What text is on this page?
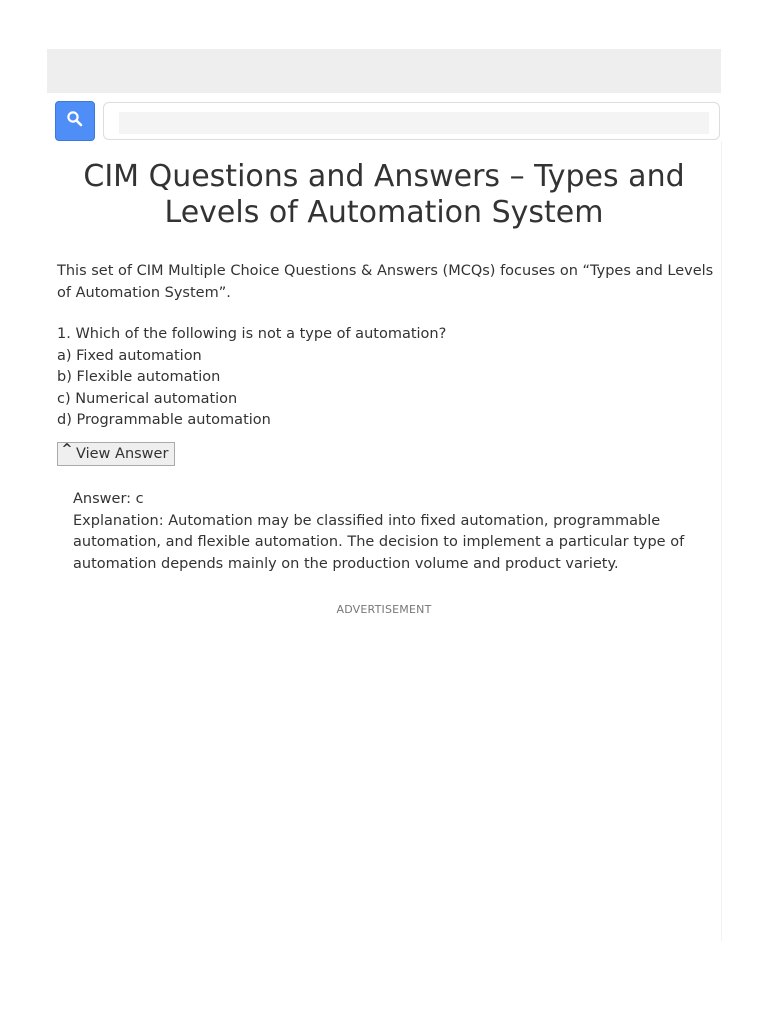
CIM Questions and Answers – Types and Levels of Automation System

This set of CIM Multiple Choice Questions & Answers (MCQs) focuses on “Types and Levels of Automation System”.

1. Which of the following is not a type of automation?
a) Fixed automation
b) Flexible automation
c) Numerical automation
d) Programmable automation
^ View Answer

Answer: c

Explanation: Automation may be classified into fixed automation, programmable automation, and flexible automation. The decision to implement a particular type of automation depends mainly on the production volume and product variety.

ADVERTISEMENT
